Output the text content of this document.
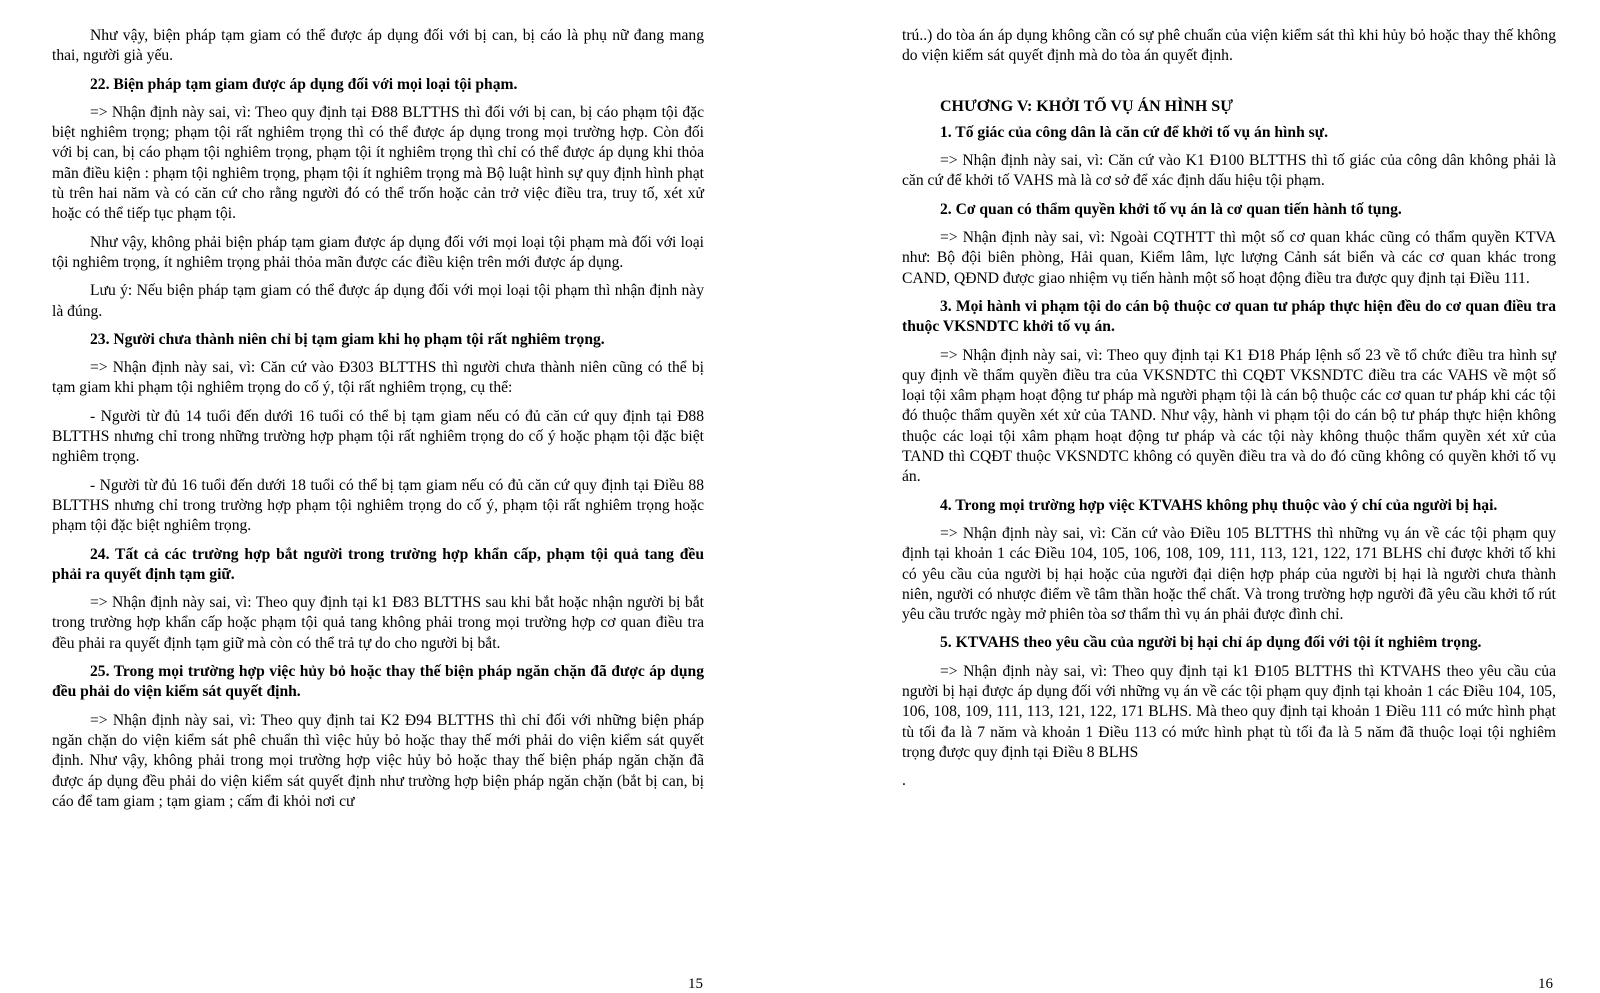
Như vậy, biện pháp tạm giam có thể được áp dụng đối với bị can, bị cáo là phụ nữ đang mang thai, người già yếu.

22. Biện pháp tạm giam được áp dụng đối với mọi loại tội phạm.

=> Nhận định này sai, vì: Theo quy định tại Đ88 BLTTHS thì đối với bị can, bị cáo phạm tội đặc biệt nghiêm trọng; phạm tội rất nghiêm trọng thì có thể được áp dụng trong mọi trường hợp. Còn đối với bị can, bị cáo phạm tội nghiêm trọng, phạm tội ít nghiêm trọng thì chỉ có thể được áp dụng khi thỏa mãn điều kiện : phạm tội nghiêm trọng, phạm tội ít nghiêm trọng mà Bộ luật hình sự quy định hình phạt tù trên hai năm và có căn cứ cho rằng người đó có thể trốn hoặc cản trở việc điều tra, truy tố, xét xử hoặc có thể tiếp tục phạm tội.

Như vậy, không phải biện pháp tạm giam được áp dụng đối với mọi loại tội phạm mà đối với loại tội nghiêm trọng, ít nghiêm trọng phải thỏa mãn được các điều kiện trên mới được áp dụng.

Lưu ý: Nếu biện pháp tạm giam có thể được áp dụng đối với mọi loại tội phạm thì nhận định này là đúng.

23. Người chưa thành niên chỉ bị tạm giam khi họ phạm tội rất nghiêm trọng.

=> Nhận định này sai, vì: Căn cứ vào Đ303 BLTTHS thì người chưa thành niên cũng có thể bị tạm giam khi phạm tội nghiêm trọng do cố ý, tội rất nghiêm trọng, cụ thể:

- Người từ đủ 14 tuổi đến dưới 16 tuổi có thể bị tạm giam nếu có đủ căn cứ quy định tại Đ88 BLTTHS nhưng chỉ trong những trường hợp phạm tội rất nghiêm trọng do cố ý hoặc phạm tội đặc biệt nghiêm trọng.

- Người từ đủ 16 tuổi đến dưới 18 tuổi có thể bị tạm giam nếu có đủ căn cứ quy định tại Điều 88 BLTTHS nhưng chỉ trong trường hợp phạm tội nghiêm trọng do cố ý, phạm tội rất nghiêm trọng hoặc phạm tội đặc biệt nghiêm trọng.

24. Tất cả các trường hợp bắt người trong trường hợp khẩn cấp, phạm tội quả tang đều phải ra quyết định tạm giữ.

=> Nhận định này sai, vì: Theo quy định tại k1 Đ83 BLTTHS sau khi bắt hoặc nhận người bị bắt trong trường hợp khẩn cấp hoặc phạm tội quả tang không phải trong mọi trường hợp cơ quan điều tra đều phải ra quyết định tạm giữ mà còn có thể trả tự do cho người bị bắt.

25. Trong mọi trường hợp việc hủy bỏ hoặc thay thế biện pháp ngăn chặn đã được áp dụng đều phải do viện kiểm sát quyết định.

=> Nhận định này sai, vì: Theo quy định tai K2 Đ94 BLTTHS thì chỉ đối với những biện pháp ngăn chặn do viện kiểm sát phê chuẩn thì việc hủy bỏ hoặc thay thế mới phải do viện kiểm sát quyết định. Như vậy, không phải trong mọi trường hợp việc hủy bỏ hoặc thay thế biện pháp ngăn chặn đã được áp dụng đều phải do viện kiểm sát quyết định như trường hợp biện pháp ngăn chặn (bắt bị can, bị cáo để tam giam ; tạm giam ; cấm đi khỏi nơi cư

trú..) do tòa án áp dụng không cần có sự phê chuẩn của viện kiểm sát thì khi hủy bỏ hoặc thay thế không do viện kiểm sát quyết định mà do tòa án quyết định.

CHƯƠNG V: KHỞI TỐ VỤ ÁN HÌNH SỰ

1. Tố giác của công dân là căn cứ để khởi tố vụ án hình sự.

=> Nhận định này sai, vì: Căn cứ vào K1 Đ100 BLTTHS thì tố giác của công dân không phải là căn cứ để khởi tố VAHS mà là cơ sở để xác định dấu hiệu tội phạm.

2. Cơ quan có thẩm quyền khởi tố vụ án là cơ quan tiến hành tố tụng.

=> Nhận định này sai, vì: Ngoài CQTHTT thì một số cơ quan khác cũng có thẩm quyền KTVA như: Bộ đội biên phòng, Hải quan, Kiểm lâm, lực lượng Cảnh sát biển và các cơ quan khác trong CAND, QĐND được giao nhiệm vụ tiến hành một số hoạt động điều tra được quy định tại Điều 111.

3. Mọi hành vi phạm tội do cán bộ thuộc cơ quan tư pháp thực hiện đều do cơ quan điều tra thuộc VKSNDTC khởi tố vụ án.

=> Nhận định này sai, vì: Theo quy định tại K1 Đ18 Pháp lệnh số 23 về tổ chức điều tra hình sự quy định về thẩm quyền điều tra của VKSNDTC thì CQĐT VKSNDTC điều tra các VAHS về một số loại tội xâm phạm hoạt động tư pháp mà người phạm tội là cán bộ thuộc các cơ quan tư pháp khi các tội đó thuộc thẩm quyền xét xử của TAND. Như vậy, hành vi phạm tội do cán bộ tư pháp thực hiện không thuộc các loại tội xâm phạm hoạt động tư pháp và các tội này không thuộc thẩm quyền xét xử của TAND thì CQĐT thuộc VKSNDTC không có quyền điều tra và do đó cũng không có quyền khởi tố vụ án.

4. Trong mọi trường hợp việc KTVAHS không phụ thuộc vào ý chí của người bị hại.

=> Nhận định này sai, vì: Căn cứ vào Điều 105 BLTTHS thì những vụ án về các tội phạm quy định tại khoản 1 các Điều 104, 105, 106, 108, 109, 111, 113, 121, 122, 171 BLHS chỉ được khởi tố khi có yêu cầu của người bị hại hoặc của người đại diện hợp pháp của người bị hại là người chưa thành niên, người có nhược điểm về tâm thần hoặc thể chất. Và trong trường hợp người đã yêu cầu khởi tố rút yêu cầu trước ngày mở phiên tòa sơ thẩm thì vụ án phải được đình chỉ.

5. KTVAHS theo yêu cầu của người bị hại chỉ áp dụng đối với tội ít nghiêm trọng.

=> Nhận định này sai, vì: Theo quy định tại k1 Đ105 BLTTHS thì KTVAHS theo yêu cầu của người bị hại được áp dụng đối với những vụ án về các tội phạm quy định tại khoản 1 các Điều 104, 105, 106, 108, 109, 111, 113, 121, 122, 171 BLHS. Mà theo quy định tại khoản 1 Điều 111 có mức hình phạt tù tối đa là 7 năm và khoản 1 Điều 113 có mức hình phạt tù tối đa là 5 năm đã thuộc loại tội nghiêm trọng được quy định tại Điều 8 BLHS

.

15	16
